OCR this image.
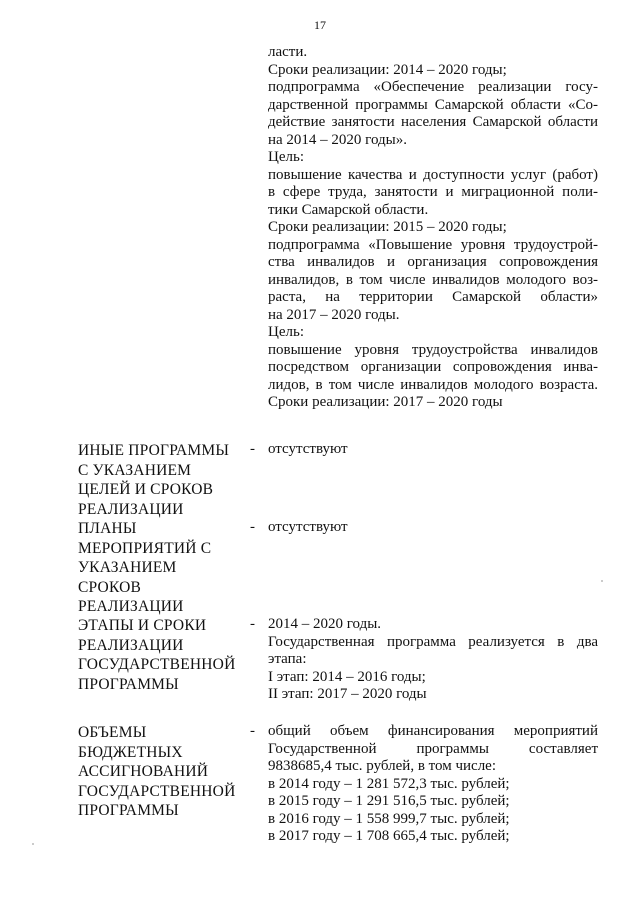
17
ласти.
Сроки реализации: 2014 – 2020 годы;
подпрограмма «Обеспечение реализации госу-
дарственной программы Самарской области «Со-
действие занятости населения Самарской области
на 2014 – 2020 годы».
Цель:
повышение качества и доступности услуг (работ)
в сфере труда, занятости и миграционной поли-
тики Самарской области.
Сроки реализации: 2015 – 2020 годы;
подпрограмма «Повышение уровня трудоустрой-
ства инвалидов и организация сопровождения
инвалидов, в том числе инвалидов молодого воз-
раста, на территории Самарской области»
на 2017 – 2020 годы.
Цель:
повышение уровня трудоустройства инвалидов
посредством организации сопровождения инва-
лидов, в том числе инвалидов молодого возраста.
Сроки реализации: 2017 – 2020 годы
ИНЫЕ ПРОГРАММЫ
С УКАЗАНИЕМ
ЦЕЛЕЙ И СРОКОВ
РЕАЛИЗАЦИИ
- отсутствуют
ПЛАНЫ
МЕРОПРИЯТИЙ С
УКАЗАНИЕМ
СРОКОВ
РЕАЛИЗАЦИИ
- отсутствуют
ЭТАПЫ И СРОКИ
РЕАЛИЗАЦИИ
ГОСУДАРСТВЕННОЙ
ПРОГРАММЫ
- 2014 – 2020 годы.
Государственная программа реализуется в два
этапа:
I этап: 2014 – 2016 годы;
II этап: 2017 – 2020 годы
ОБЪЕМЫ
БЮДЖЕТНЫХ
АССИГНОВАНИЙ
ГОСУДАРСТВЕННОЙ
ПРОГРАММЫ
- общий объем финансирования мероприятий
Государственной программы составляет
9838685,4 тыс. рублей, в том числе:
в 2014 году – 1 281 572,3 тыс. рублей;
в 2015 году – 1 291 516,5 тыс. рублей;
в 2016 году – 1 558 999,7 тыс. рублей;
в 2017 году – 1 708 665,4 тыс. рублей;
